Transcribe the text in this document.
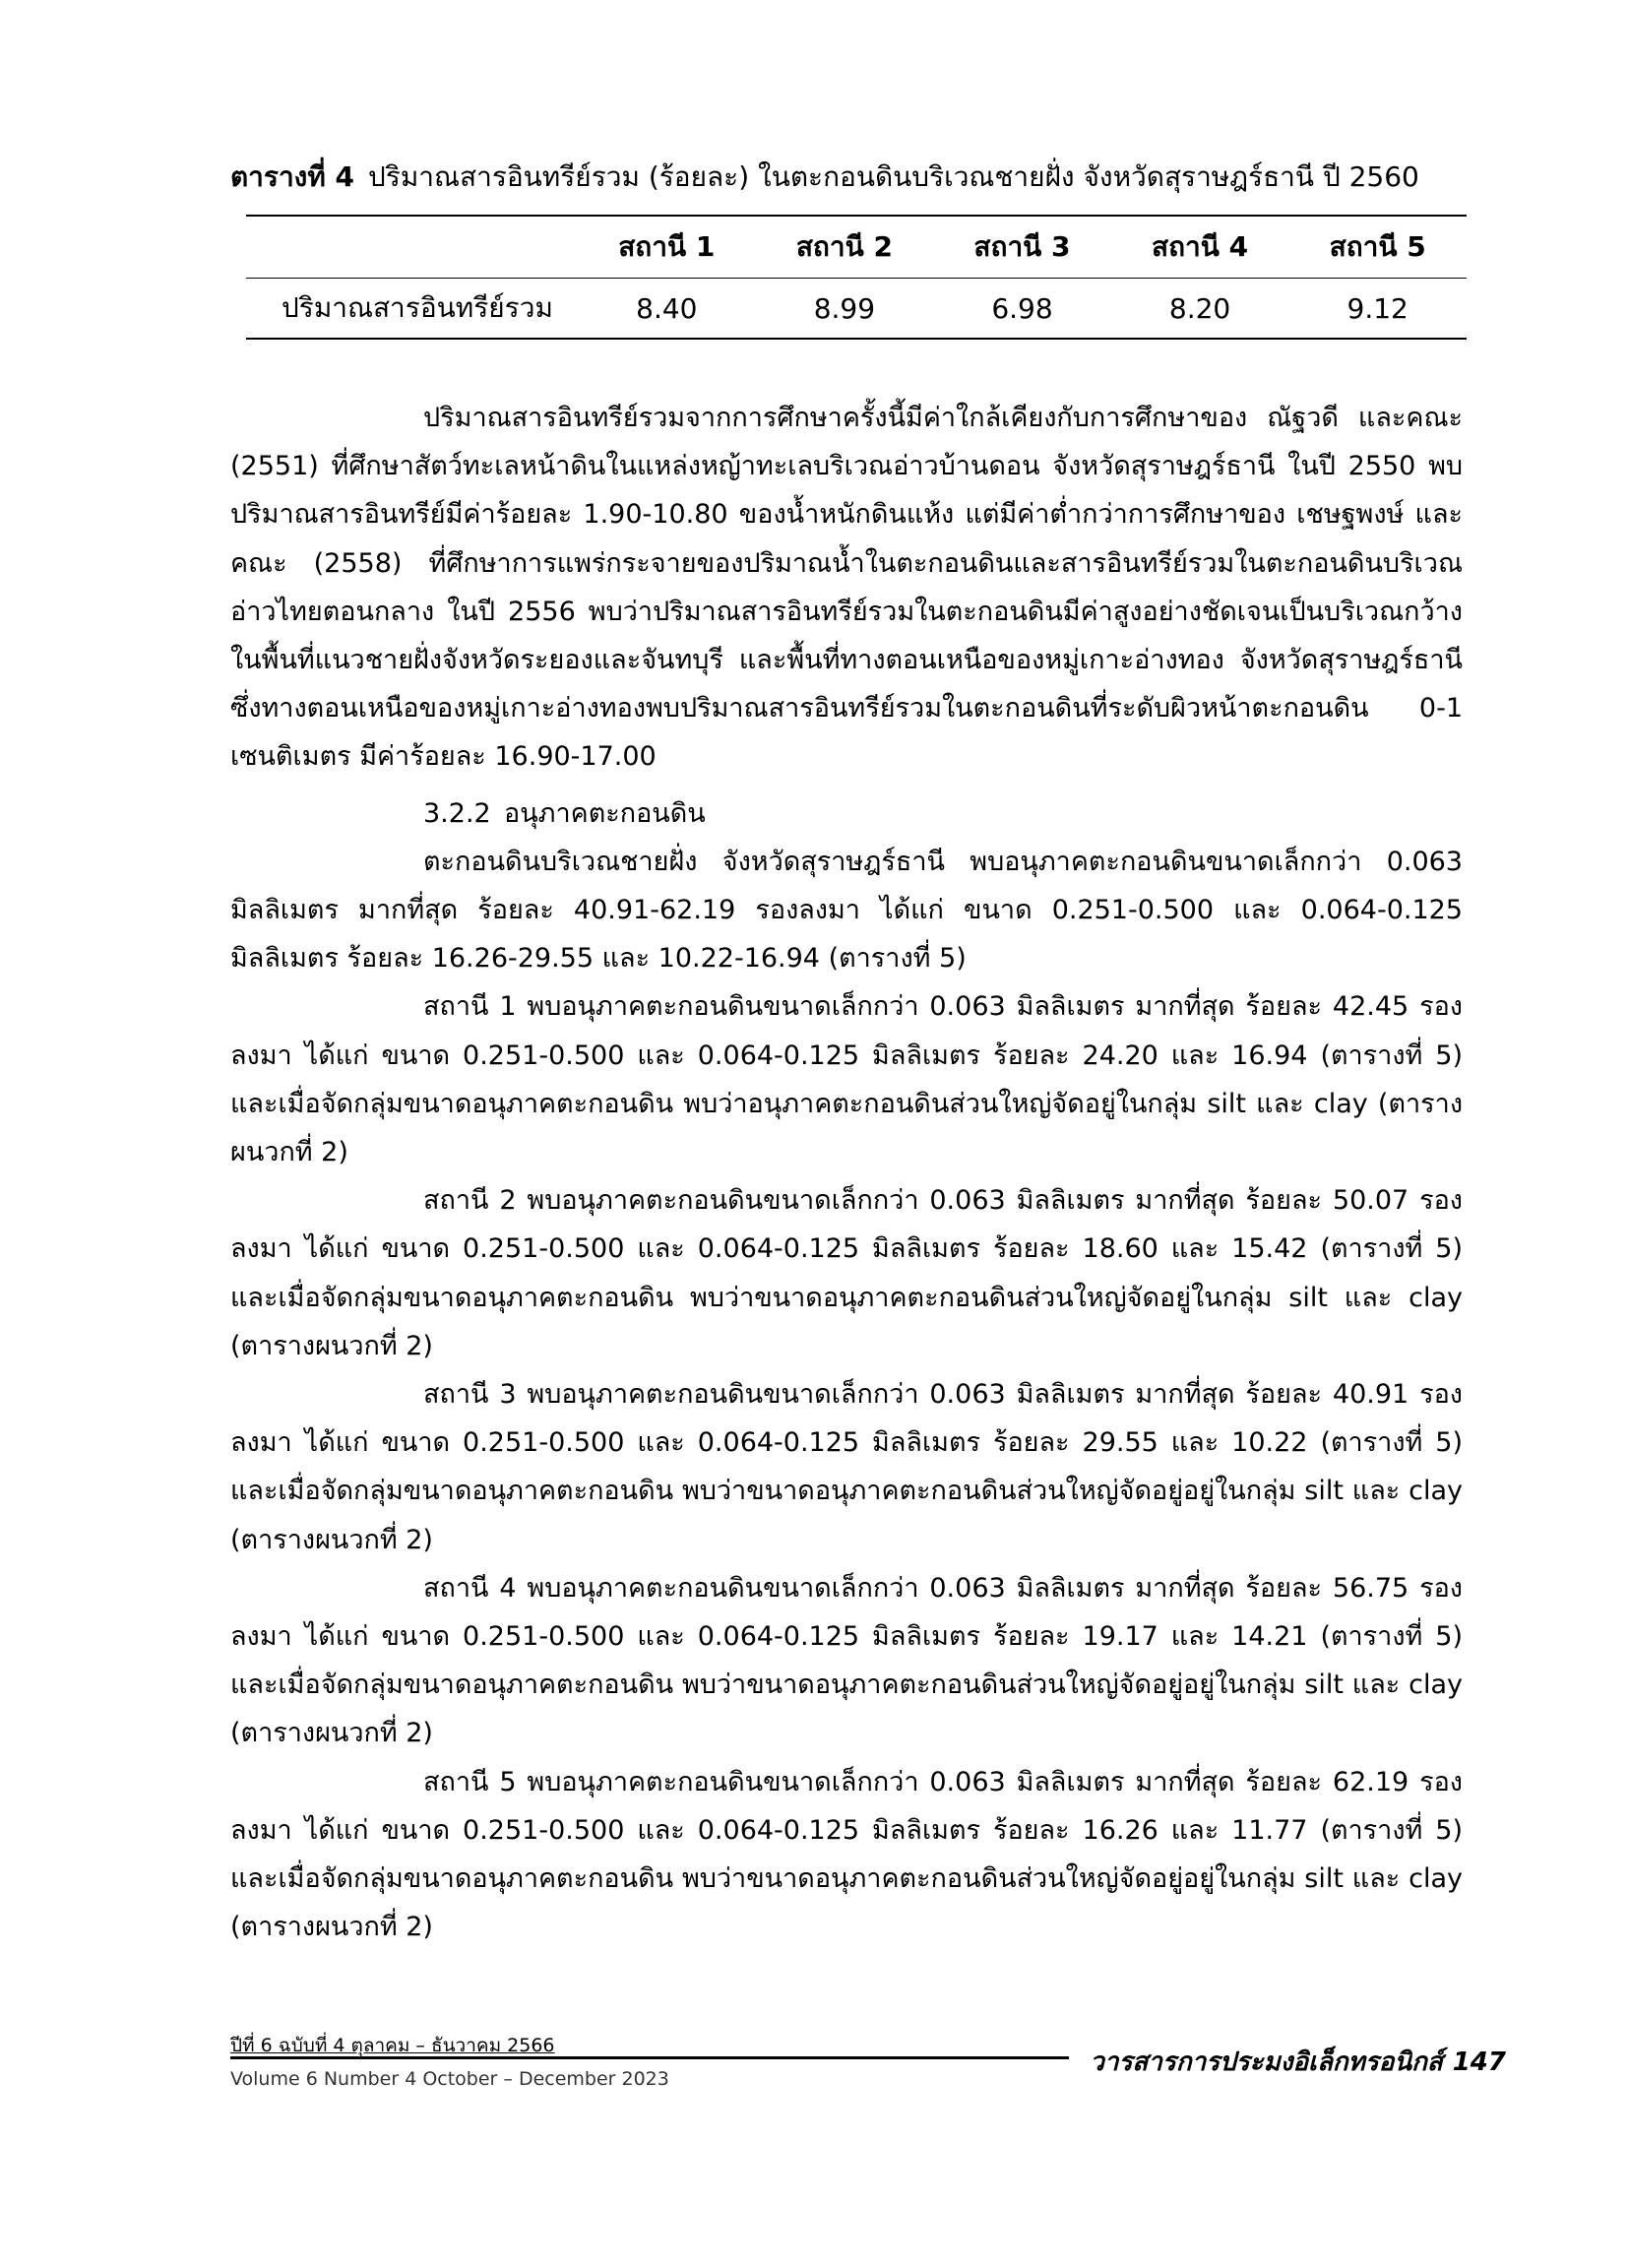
ตารางที่ 4 ปริมาณสารอินทรีย์รวม (ร้อยละ) ในตะกอนดินบริเวณชายฝั่ง จังหวัดสุราษฎร์ธานี ปี 2560
	สถานี 1	สถานี 2	สถานี 3	สถานี 4	สถานี 5
ปริมาณสารอินทรีย์รวม	8.40	8.99	6.98	8.20	9.12

ปริมาณสารอินทรีย์รวมจากการศึกษาครั้งนี้มีค่าใกล้เคียงกับการศึกษาของ ณัฐวดี และคณะ (2551) ที่ศึกษาสัตว์ทะเลหน้าดินในแหล่งหญ้าทะเลบริเวณอ่าวบ้านดอน จังหวัดสุราษฎร์ธานี ในปี 2550 พบปริมาณสารอินทรีย์มีค่าร้อยละ 1.90-10.80 ของน้ำหนักดินแห้ง แต่มีค่าต่ำกว่าการศึกษาของ เชษฐพงษ์ และคณะ (2558) ที่ศึกษาการแพร่กระจายของปริมาณน้ำในตะกอนดินและสารอินทรีย์รวมในตะกอนดินบริเวณอ่าวไทยตอนกลาง ในปี 2556 พบว่าปริมาณสารอินทรีย์รวมในตะกอนดินมีค่าสูงอย่างชัดเจนเป็นบริเวณกว้างในพื้นที่แนวชายฝั่งจังหวัดระยองและจันทบุรี และพื้นที่ทางตอนเหนือของหมู่เกาะอ่างทอง จังหวัดสุราษฎร์ธานี ซึ่งทางตอนเหนือของหมู่เกาะอ่างทองพบปริมาณสารอินทรีย์รวมในตะกอนดินที่ระดับผิวหน้าตะกอนดิน 0-1 เซนติเมตร มีค่าร้อยละ 16.90-17.00

3.2.2 อนุภาคตะกอนดิน

ตะกอนดินบริเวณชายฝั่ง จังหวัดสุราษฎร์ธานี พบอนุภาคตะกอนดินขนาดเล็กกว่า 0.063 มิลลิเมตร มากที่สุด ร้อยละ 40.91-62.19 รองลงมา ได้แก่ ขนาด 0.251-0.500 และ 0.064-0.125 มิลลิเมตร ร้อยละ 16.26-29.55 และ 10.22-16.94 (ตารางที่ 5)

สถานี 1 พบอนุภาคตะกอนดินขนาดเล็กกว่า 0.063 มิลลิเมตร มากที่สุด ร้อยละ 42.45 รองลงมา ได้แก่ ขนาด 0.251-0.500 และ 0.064-0.125 มิลลิเมตร ร้อยละ 24.20 และ 16.94 (ตารางที่ 5) และเมื่อจัดกลุ่มขนาดอนุภาคตะกอนดิน พบว่าอนุภาคตะกอนดินส่วนใหญ่จัดอยู่ในกลุ่ม silt และ clay (ตารางผนวกที่ 2)

สถานี 2 พบอนุภาคตะกอนดินขนาดเล็กกว่า 0.063 มิลลิเมตร มากที่สุด ร้อยละ 50.07 รองลงมา ได้แก่ ขนาด 0.251-0.500 และ 0.064-0.125 มิลลิเมตร ร้อยละ 18.60 และ 15.42 (ตารางที่ 5) และเมื่อจัดกลุ่มขนาดอนุภาคตะกอนดิน พบว่าขนาดอนุภาคตะกอนดินส่วนใหญ่จัดอยู่ในกลุ่ม silt และ clay (ตารางผนวกที่ 2)

สถานี 3 พบอนุภาคตะกอนดินขนาดเล็กกว่า 0.063 มิลลิเมตร มากที่สุด ร้อยละ 40.91 รองลงมา ได้แก่ ขนาด 0.251-0.500 และ 0.064-0.125 มิลลิเมตร ร้อยละ 29.55 และ 10.22 (ตารางที่ 5) และเมื่อจัดกลุ่มขนาดอนุภาคตะกอนดิน พบว่าขนาดอนุภาคตะกอนดินส่วนใหญ่จัดอยู่อยู่ในกลุ่ม silt และ clay (ตารางผนวกที่ 2)

สถานี 4 พบอนุภาคตะกอนดินขนาดเล็กกว่า 0.063 มิลลิเมตร มากที่สุด ร้อยละ 56.75 รองลงมา ได้แก่ ขนาด 0.251-0.500 และ 0.064-0.125 มิลลิเมตร ร้อยละ 19.17 และ 14.21 (ตารางที่ 5) และเมื่อจัดกลุ่มขนาดอนุภาคตะกอนดิน พบว่าขนาดอนุภาคตะกอนดินส่วนใหญ่จัดอยู่อยู่ในกลุ่ม silt และ clay (ตารางผนวกที่ 2)

สถานี 5 พบอนุภาคตะกอนดินขนาดเล็กกว่า 0.063 มิลลิเมตร มากที่สุด ร้อยละ 62.19 รองลงมา ได้แก่ ขนาด 0.251-0.500 และ 0.064-0.125 มิลลิเมตร ร้อยละ 16.26 และ 11.77 (ตารางที่ 5) และเมื่อจัดกลุ่มขนาดอนุภาคตะกอนดิน พบว่าขนาดอนุภาคตะกอนดินส่วนใหญ่จัดอยู่อยู่ในกลุ่ม silt และ clay (ตารางผนวกที่ 2)

ปีที่ 6 ฉบับที่ 4 ตุลาคม – ธันวาคม 2566
Volume 6 Number 4 October – December 2023
วารสารการประมงอิเล็กทรอนิกส์ 147
